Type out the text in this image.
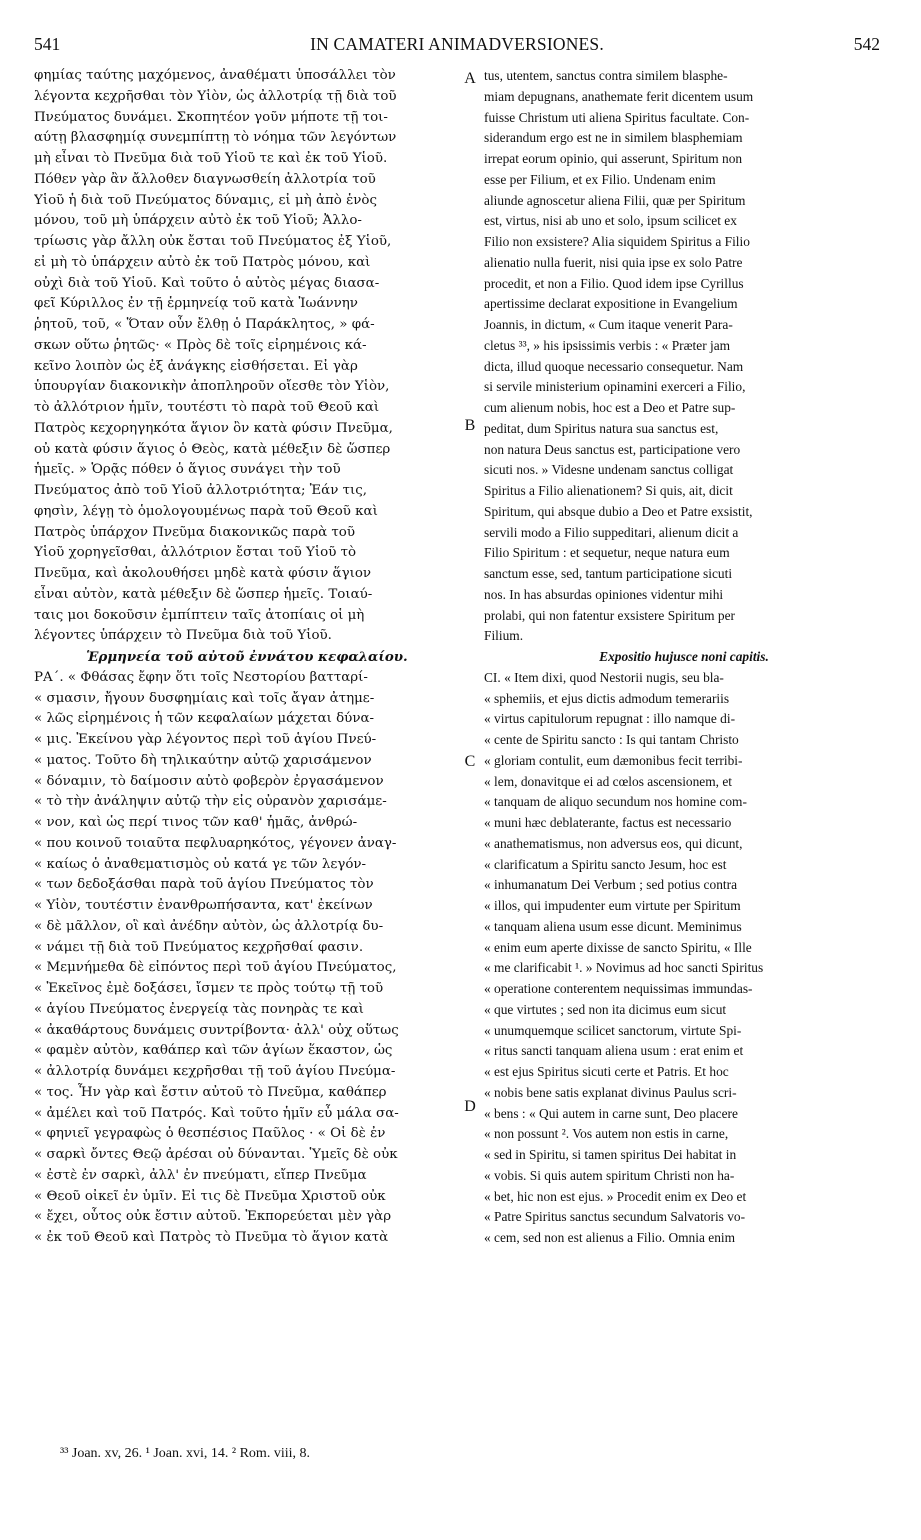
541	IN CAMATERI ANIMADVERSIONES.	542
φημίας ταύτης μαχόμενος, ἀναθέματι ὑποσάλλει τὸν
λέγοντα κεχρῆσθαι τὸν Υἱὸν, ὡς ἀλλοτρίᾳ τῇ διὰ τοῦ
Πνεύματος δυνάμει. Σκοπητέον γοῦν μήποτε τῇ τοι-
αύτῃ βλασφημίᾳ συνεμπίπτῃ τὸ νόημα τῶν λεγόντων
μὴ εἶναι τὸ Πνεῦμα διὰ τοῦ Υἱοῦ τε καὶ ἐκ τοῦ Υἱοῦ.
Πόθεν γὰρ ἂν ἄλλοθεν διαγνωσθείη ἀλλοτρία τοῦ
Υἱοῦ ἡ διὰ τοῦ Πνεύματος δύναμις, εἰ μὴ ἀπὸ ἑνὸς
μόνου, τοῦ μὴ ὑπάρχειν αὐτὸ ἐκ τοῦ Υἱοῦ; Ἀλλο-
τρίωσις γὰρ ἄλλη οὐκ ἔσται τοῦ Πνεύματος ἐξ Υἱοῦ,
εἰ μὴ τὸ ὑπάρχειν αὐτὸ ἐκ τοῦ Πατρὸς μόνου, καὶ
οὐχὶ διὰ τοῦ Υἱοῦ. Καὶ τοῦτο ὁ αὐτὸς μέγας διασα-
φεῖ Κύριλλος ἐν τῇ ἑρμηνείᾳ τοῦ κατὰ Ἰωάννην
ῥητοῦ, τοῦ, « Ὅταν οὖν ἔλθῃ ὁ Παράκλητος, » φά-
σκων οὕτω ῥητῶς· « Πρὸς δὲ τοῖς εἰρημένοις κά-
κεῖνο λοιπὸν ὡς ἐξ ἀνάγκης εἰσθήσεται. Εἰ γὰρ
ὑπουργίαν διακονικὴν ἀποπληροῦν οἴεσθε τὸν Υἱὸν,
τὸ ἀλλότριον ἡμῖν, τουτέστι τὸ παρὰ τοῦ Θεοῦ καὶ
Πατρὸς κεχορηγηκότα ἅγιον ὂν κατὰ φύσιν Πνεῦμα,
οὐ κατὰ φύσιν ἅγιος ὁ Θεὸς, κατὰ μέθεξιν δὲ ὥσπερ
ἡμεῖς. » Ὁρᾷς πόθεν ὁ ἅγιος συνάγει τὴν τοῦ
Πνεύματος ἀπὸ τοῦ Υἱοῦ ἀλλοτριότητα; Ἐάν τις,
φησὶν, λέγῃ τὸ ὁμολογουμένως παρὰ τοῦ Θεοῦ καὶ
Πατρὸς ὑπάρχον Πνεῦμα διακονικῶς παρὰ τοῦ
Υἱοῦ χορηγεῖσθαι, ἀλλότριον ἔσται τοῦ Υἱοῦ τὸ
Πνεῦμα, καὶ ἀκολουθήσει μηδὲ κατὰ φύσιν ἅγιον
εἶναι αὐτὸν, κατὰ μέθεξιν δὲ ὥσπερ ἡμεῖς. Τοιαύ-
ταις μοι δοκοῦσιν ἐμπίπτειν ταῖς ἀτοπίαις οἱ μὴ
λέγοντες ὑπάρχειν τὸ Πνεῦμα διὰ τοῦ Υἱοῦ.
Ἑρμηνεία τοῦ αὐτοῦ ἐννάτου κεφαλαίου.
ΡΑ΄. « Φθάσας ἔφην ὅτι τοῖς Νεστορίου βατταρί-
« σμασιν, ἤγουν δυσφημίαις καὶ τοῖς ἄγαν ἀτημε-
« λῶς εἰρημένοις ἡ τῶν κεφαλαίων μάχεται δύνα-
« μις. Ἐκείνου γὰρ λέγοντος περὶ τοῦ ἁγίου Πνεύ-
« ματος. Τοῦτο δὴ τηλικαύτην αὐτῷ χαρισάμενον
« δόναμιν, τὸ δαίμοσιν αὐτὸ φοβερὸν ἐργασάμενον
« τὸ τὴν ἀνάληψιν αὐτῷ τὴν εἰς οὐρανὸν χαρισάμε-
« νον, καὶ ὡς περί τινος τῶν καθ' ἡμᾶς, ἀνθρώ-
« που κοινοῦ τοιαῦτα πεφλυαρηκότος, γέγονεν ἀναγ-
« καίως ὁ ἀναθεματισμὸς οὐ κατά γε τῶν λεγόν-
« των δεδοξάσθαι παρὰ τοῦ ἁγίου Πνεύματος τὸν
« Υἱὸν, τουτέστιν ἐνανθρωπήσαντα, κατ' ἐκείνων
« δὲ μᾶλλον, οἳ καὶ ἀνέδην αὐτὸν, ὡς ἀλλοτρίᾳ δυ-
« νάμει τῇ διὰ τοῦ Πνεύματος κεχρῆσθαί φασιν.
« Μεμνήμεθα δὲ εἰπόντος περὶ τοῦ ἁγίου Πνεύματος,
« Ἐκεῖνος ἐμὲ δοξάσει, ἴσμεν τε πρὸς τούτῳ τῇ τοῦ
« ἁγίου Πνεύματος ἐνεργείᾳ τὰς πονηρὰς τε καὶ
« ἀκαθάρτους δυνάμεις συντρίβοντα· ἀλλ' οὐχ οὕτως
« φαμὲν αὐτὸν, καθάπερ καὶ τῶν ἁγίων ἕκαστον, ὡς
« ἀλλοτρίᾳ δυνάμει κεχρῆσθαι τῇ τοῦ ἁγίου Πνεύμα-
« τος. Ἦν γὰρ καὶ ἔστιν αὐτοῦ τὸ Πνεῦμα, καθάπερ
« ἀμέλει καὶ τοῦ Πατρός. Καὶ τοῦτο ἡμῖν εὖ μάλα σα-
« φηνιεῖ γεγραφὼς ὁ θεσπέσιος Παῦλος · « Οἱ δὲ ἐν
« σαρκὶ ὄντες Θεῷ ἀρέσαι οὐ δύνανται. Ὑμεῖς δὲ οὐκ
« ἐστὲ ἐν σαρκὶ, ἀλλ' ἐν πνεύματι, εἴπερ Πνεῦμα
« Θεοῦ οἰκεῖ ἐν ὑμῖν. Εἰ τις δὲ Πνεῦμα Χριστοῦ οὐκ
« ἔχει, οὗτος οὐκ ἔστιν αὐτοῦ. Ἐκπορεύεται μὲν γὰρ
« ἐκ τοῦ Θεοῦ καὶ Πατρὸς τὸ Πνεῦμα τὸ ἅγιον κατὰ
tus, utentem, sanctus contra similem blasphe-
miam depugnans, anathemate ferit dicentem usum
fuisse Christum uti aliena Spiritus facultate. Con-
siderandum ergo est ne in similem blasphemiam
irrepat eorum opinio, qui asserunt, Spiritum non
esse per Filium, et ex Filio. Undenam enim
aliunde agnoscetur aliena Filii, quæ per Spiritum
est, virtus, nisi ab uno et solo, ipsum scilicet ex
Filio non exsistere? Alia siquidem Spiritus a Filio
alienatio nulla fuerit, nisi quia ipse ex solo Patre
procedit, et non a Filio. Quod idem ipse Cyrillus
apertissime declarat expositione in Evangelium
Joannis, in dictum, « Cum itaque venerit Para-
cletus ³³, » his ipsissimis verbis : « Præter jam
dicta, illud quoque necessario consequetur. Nam
si servile ministerium opinamini exerceri a Filio,
cum alienum nobis, hoc est a Deo et Patre sup-
peditat, dum Spiritus natura sua sanctus est,
non natura Deus sanctus est, participatione vero
sicuti nos. » Videsne undenam sanctus colligat
Spiritus a Filio alienationem? Si quis, ait, dicit
Spiritum, qui absque dubio a Deo et Patre exsistit,
servili modo a Filio suppeditari, alienum dicit a
Filio Spiritum : et sequetur, neque natura eum
sanctum esse, sed, tantum participatione sicuti
nos. In has absurdas opiniones videntur mihi
prolabi, qui non fatentur exsistere Spiritum per
Filium.
Expositio hujusce noni capitis.
CI. « Item dixi, quod Nestorii nugis, seu bla-
« sphemiis, et ejus dictis admodum temerariis
« virtus capitulorum repugnat : illo namque di-
« cente de Spiritu sancto : Is qui tantam Christo
« gloriam contulit, eum dæmonibus fecit terribi-
« lem, donavitque ei ad cœlos ascensionem, et
« tanquam de aliquo secundum nos homine com-
« muni hæc deblaterante, factus est necessario
« anathematismus, non adversus eos, qui dicunt,
« clarificatum a Spiritu sancto Jesum, hoc est
« inhumanatum Dei Verbum ; sed potius contra
« illos, qui impudenter eum virtute per Spiritum
« tanquam aliena usum esse dicunt. Meminimus
« enim eum aperte dixisse de sancto Spiritu, « Ille
« me clarificabit ¹. » Novimus ad hoc sancti Spiritus
« operatione conterentem nequissimas immundas-
« que virtutes ; sed non ita dicimus eum sicut
« unumquemque scilicet sanctorum, virtute Spi-
« ritus sancti tanquam aliena usum : erat enim et
« est ejus Spiritus sicuti certe et Patris. Et hoc
« nobis bene satis explanat divinus Paulus scri-
« bens : « Qui autem in carne sunt, Deo placere
« non possunt ². Vos autem non estis in carne,
« sed in Spiritu, si tamen spiritus Dei habitat in
« vobis. Si quis autem spiritum Christi non ha-
« bet, hic non est ejus. » Procedit enim ex Deo et
« Patre Spiritus sanctus secundum Salvatoris vo-
« cem, sed non est alienus a Filio. Omnia enim
A
B
C
D
³³ Joan. xv, 26. ¹ Joan. xvi, 14. ² Rom. viii, 8.
